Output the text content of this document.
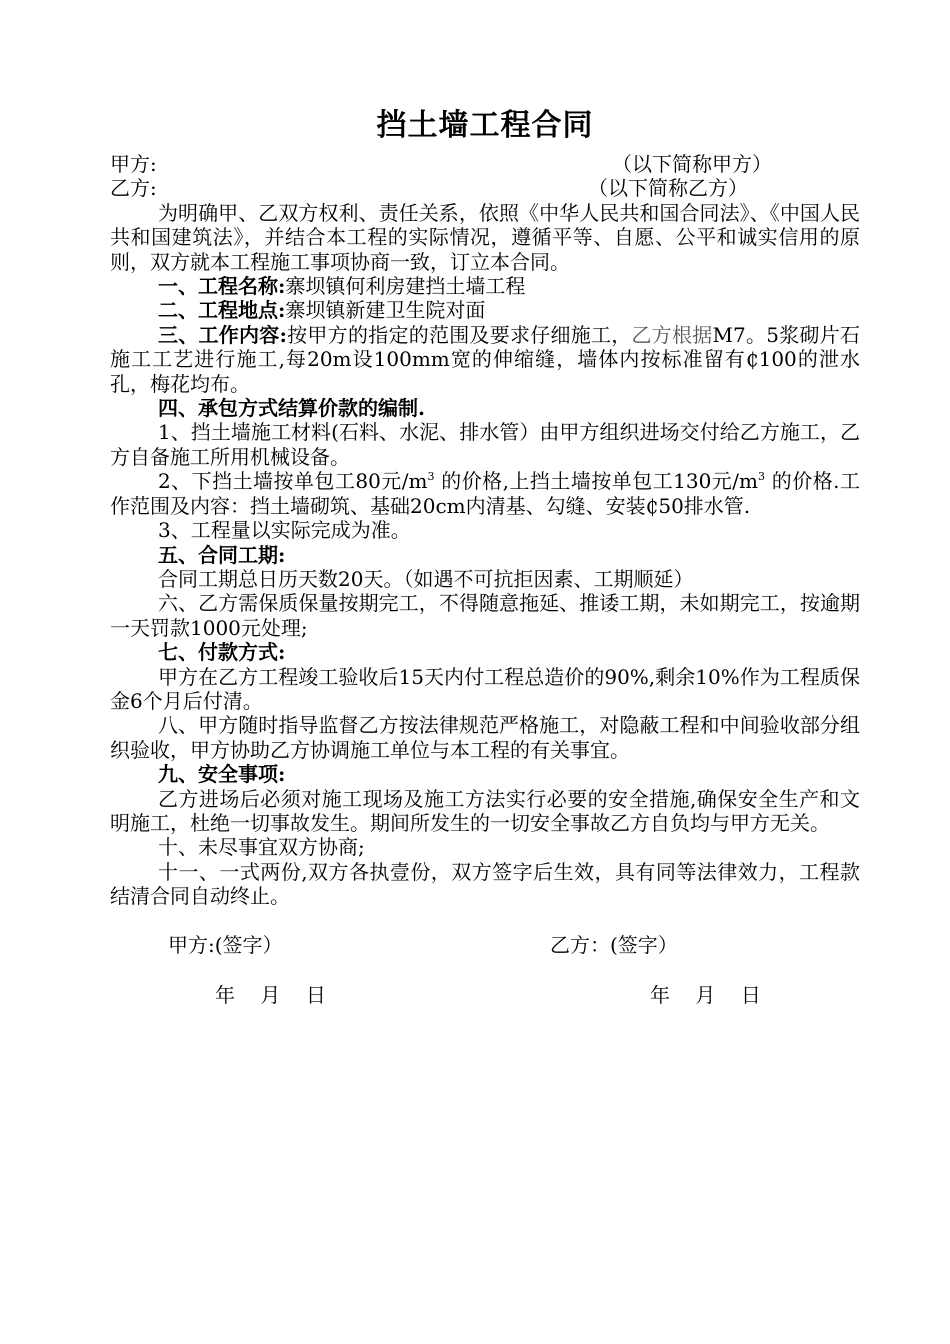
挡土墙工程合同
甲方:	（以下简称甲方）
乙方:	（以下简称乙方）

为明确甲、乙双方权利、责任关系，依照《中华人民共和国合同法》、《中国人民共和国建筑法》，并结合本工程的实际情况，遵循平等、自愿、公平和诚实信用的原则，双方就本工程施工事项协商一致，订立本合同。

一、工程名称:寨坝镇何利房建挡土墙工程

二、工程地点:寨坝镇新建卫生院对面

三、工作内容:按甲方的指定的范围及要求仔细施工，乙方根据M7。5浆砌片石施工工艺进行施工,每20m设100mm宽的伸缩缝，墙体内按标准留有₵100的泄水孔，梅花均布。

四、承包方式结算价款的编制.

1、挡土墙施工材料(石料、水泥、排水管）由甲方组织进场交付给乙方施工，乙方自备施工所用机械设备。

2、下挡土墙按单包工80元$/m^3$ 的价格,上挡土墙按单包工130元$/m^3$ 的价格.工作范围及内容：挡土墙砌筑、基础20cm内清基、勾缝、安装₵50排水管.

3、工程量以实际完成为准。

五、合同工期:

合同工期总日历天数20天。（如遇不可抗拒因素、工期顺延）

六、乙方需保质保量按期完工，不得随意拖延、推诿工期，未如期完工，按逾期一天罚款1000元处理;

七、付款方式:

甲方在乙方工程竣工验收后15天内付工程总造价的90%,剩余10%作为工程质保金6个月后付清。

八、甲方随时指导监督乙方按法律规范严格施工，对隐蔽工程和中间验收部分组织验收，甲方协助乙方协调施工单位与本工程的有关事宜。

九、安全事项:

乙方进场后必须对施工现场及施工方法实行必要的安全措施,确保安全生产和文明施工，杜绝一切事故发生。期间所发生的一切安全事故乙方自负均与甲方无关。

十、未尽事宜双方协商;

十一、一式两份,双方各执壹份，双方签字后生效，具有同等法律效力，工程款结清合同自动终止。

甲方:(签字）	乙方：(签字）
年    月    日	年    月    日
